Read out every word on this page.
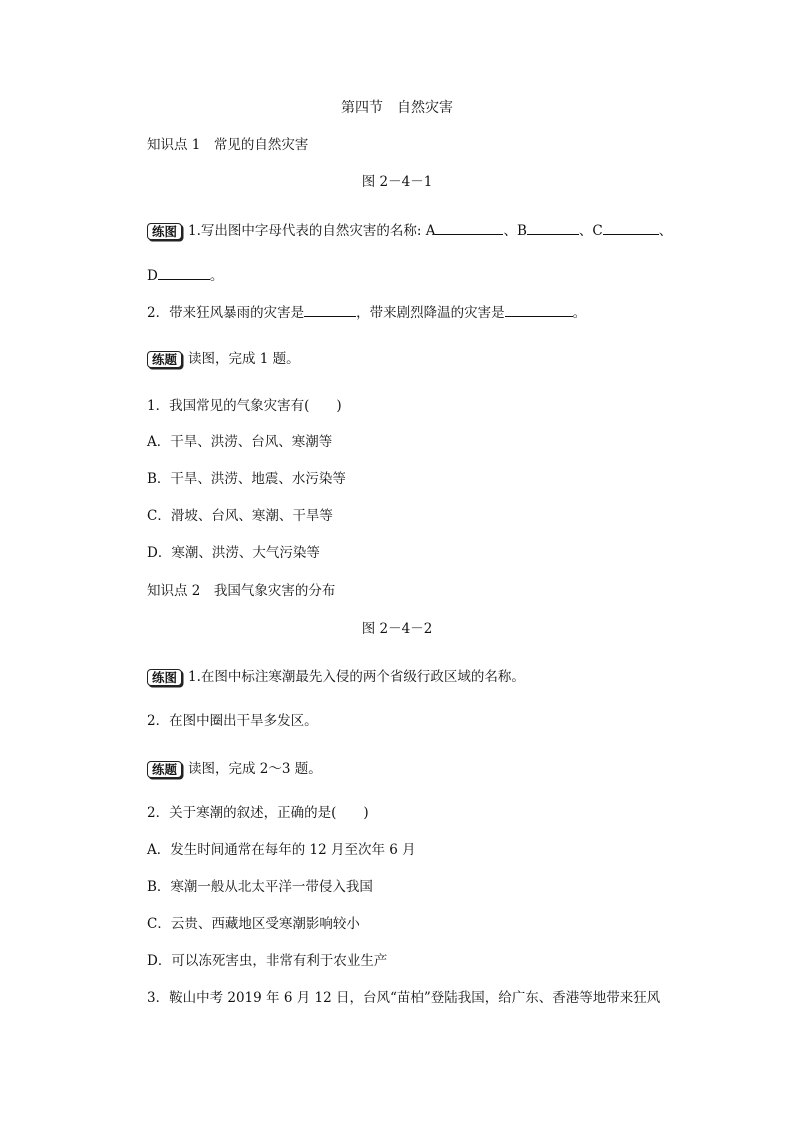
第四节　自然灾害
知识点 1　常见的自然灾害
图 2－4－1
练图 1.写出图中字母代表的自然灾害的名称: A	、B	、C	、
D	。
2．带来狂风暴雨的灾害是	，带来剧烈降温的灾害是	。
练题 读图，完成 1 题。
1．我国常见的气象灾害有(　　)
A．干旱、洪涝、台风、寒潮等
B．干旱、洪涝、地震、水污染等
C．滑坡、台风、寒潮、干旱等
D．寒潮、洪涝、大气污染等
知识点 2　我国气象灾害的分布
图 2－4－2
练图 1.在图中标注寒潮最先入侵的两个省级行政区域的名称。
2．在图中圈出干旱多发区。
练题 读图，完成 2～3 题。
2．关于寒潮的叙述，正确的是(　　)
A．发生时间通常在每年的 12 月至次年 6 月
B．寒潮一般从北太平洋一带侵入我国
C．云贵、西藏地区受寒潮影响较小
D．可以冻死害虫，非常有利于农业生产
3．鞍山中考 2019 年 6 月 12 日，台风“苗柏”登陆我国，给广东、香港等地带来狂风
